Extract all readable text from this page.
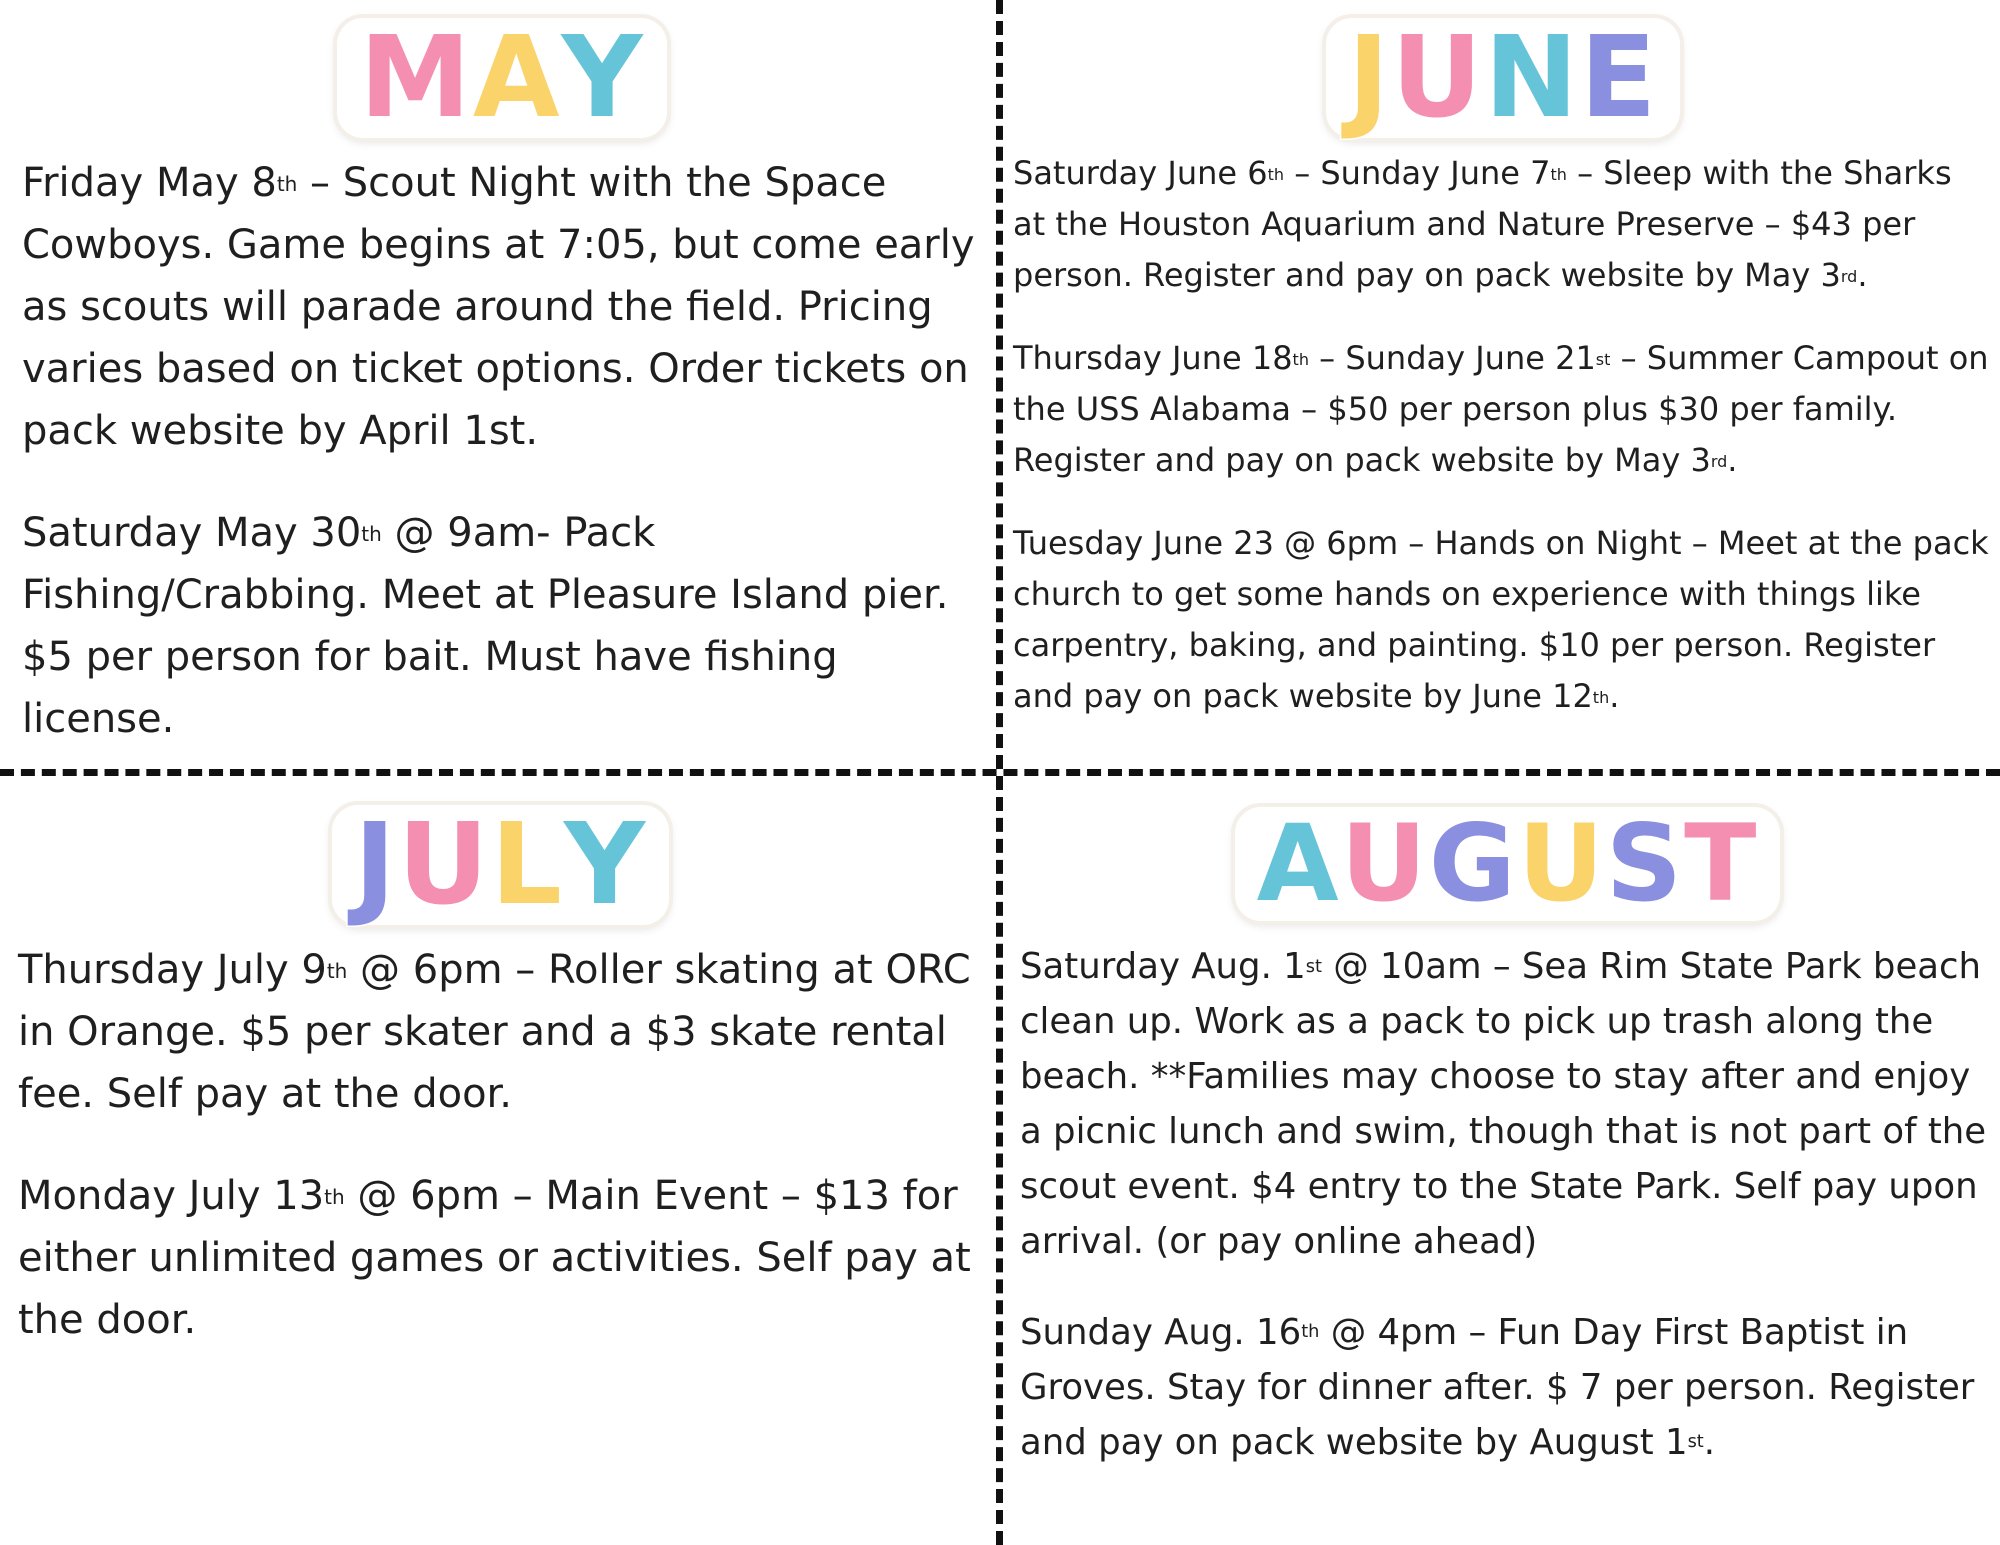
MAY

Friday May 8th – Scout Night with the Space Cowboys. Game begins at 7:05, but come early as scouts will parade around the field. Pricing varies based on ticket options. Order tickets on pack website by April 1st.

Saturday May 30th @ 9am- Pack Fishing/Crabbing. Meet at Pleasure Island pier. $5 per person for bait. Must have fishing license.

JUNE

Saturday June 6th – Sunday June 7th – Sleep with the Sharks at the Houston Aquarium and Nature Preserve – $43 per person. Register and pay on pack website by May 3rd.

Thursday June 18th – Sunday June 21st – Summer Campout on the USS Alabama – $50 per person plus $30 per family. Register and pay on pack website by May 3rd.

Tuesday June 23 @ 6pm – Hands on Night – Meet at the pack church to get some hands on experience with things like carpentry, baking, and painting. $10 per person. Register and pay on pack website by June 12th.

JULY

Thursday July 9th @ 6pm – Roller skating at ORC in Orange. $5 per skater and a $3 skate rental fee. Self pay at the door.

Monday July 13th @ 6pm – Main Event – $13 for either unlimited games or activities. Self pay at the door.

AUGUST

Saturday Aug. 1st @ 10am – Sea Rim State Park beach clean up. Work as a pack to pick up trash along the beach. **Families may choose to stay after and enjoy a picnic lunch and swim, though that is not part of the scout event. $4 entry to the State Park. Self pay upon arrival. (or pay online ahead)

Sunday Aug. 16th @ 4pm – Fun Day First Baptist in Groves. Stay for dinner after. $ 7 per person. Register and pay on pack website by August 1st.
